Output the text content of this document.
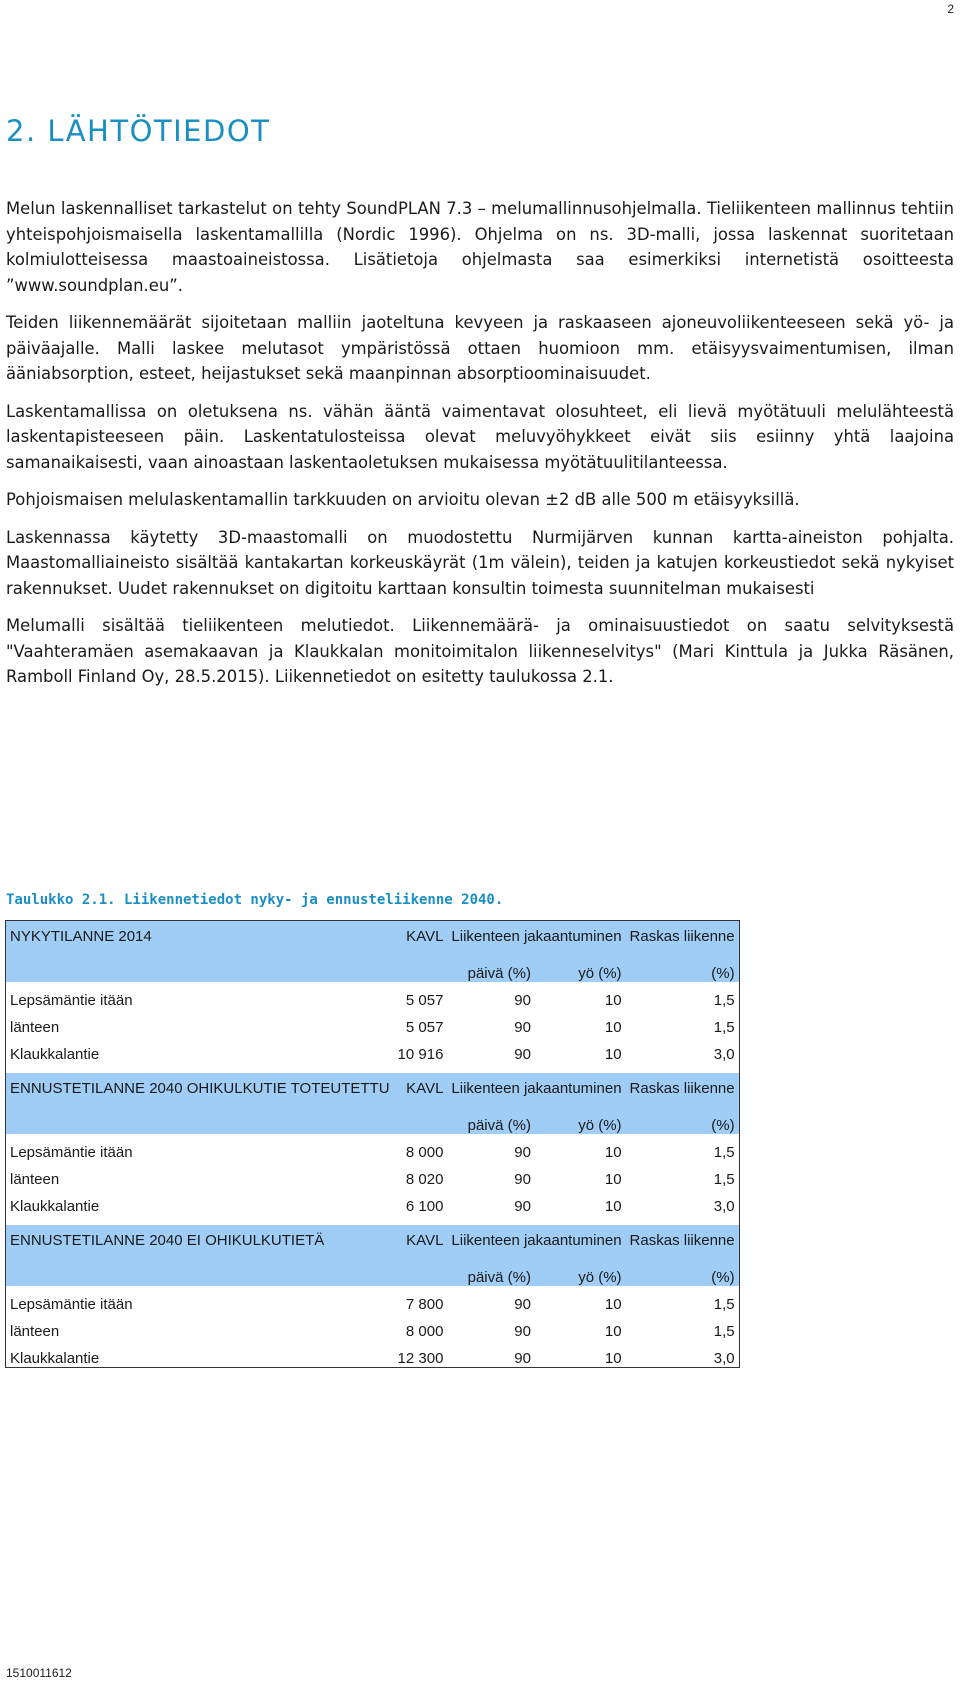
2
2. LÄHTÖTIEDOT

Melun laskennalliset tarkastelut on tehty SoundPLAN 7.3 – melumallinnusohjelmalla. Tieliikenteen mallinnus tehtiin yhteispohjoismaisella laskentamallilla (Nordic 1996). Ohjelma on ns. 3D-malli, jossa laskennat suoritetaan kolmiulotteisessa maastoaineistossa. Lisätietoja ohjelmasta saa esimerkiksi internetistä osoitteesta ”www.soundplan.eu”.

Teiden liikennemäärät sijoitetaan malliin jaoteltuna kevyeen ja raskaaseen ajoneuvoliikenteeseen sekä yö- ja päiväajalle. Malli laskee melutasot ympäristössä ottaen huomioon mm. etäisyysvaimentumisen, ilman ääniabsorption, esteet, heijastukset sekä maanpinnan absorptioominaisuudet.

Laskentamallissa on oletuksena ns. vähän ääntä vaimentavat olosuhteet, eli lievä myötätuuli melulähteestä laskentapisteeseen päin. Laskentatulosteissa olevat meluvyöhykkeet eivät siis esiinny yhtä laajoina samanaikaisesti, vaan ainoastaan laskentaoletuksen mukaisessa myötätuulitilanteessa.

Pohjoismaisen melulaskentamallin tarkkuuden on arvioitu olevan ±2 dB alle 500 m etäisyyksillä.

Laskennassa käytetty 3D-maastomalli on muodostettu Nurmijärven kunnan kartta-aineiston pohjalta. Maastomalliaineisto sisältää kantakartan korkeuskäyrät (1m välein), teiden ja katujen korkeustiedot sekä nykyiset rakennukset. Uudet rakennukset on digitoitu karttaan konsultin toimesta suunnitelman mukaisesti

Melumalli sisältää tieliikenteen melutiedot. Liikennemäärä- ja ominaisuustiedot on saatu selvityksestä "Vaahteramäen asemakaavan ja Klaukkalan monitoimitalon liikenneselvitys" (Mari Kinttula ja Jukka Räsänen, Ramboll Finland Oy, 28.5.2015). Liikennetiedot on esitetty taulukossa 2.1.

Taulukko 2.1. Liikennetiedot nyky- ja ennusteliikenne 2040.
NYKYTILANNE 2014	KAVL	Liikenteen jakaantuminen		Raskas liikenne
		päivä (%)	yö (%)	(%)
Lepsämäntie itään	5 057	90	10	1,5
länteen	5 057	90	10	1,5
Klaukkalantie	10 916	90	10	3,0

ENNUSTETILANNE 2040 OHIKULKUTIE TOTEUTETTU	KAVL	Liikenteen jakaantuminen		Raskas liikenne
		päivä (%)	yö (%)	(%)
Lepsämäntie itään	8 000	90	10	1,5
länteen	8 020	90	10	1,5
Klaukkalantie	6 100	90	10	3,0

ENNUSTETILANNE 2040 EI OHIKULKUTIETÄ	KAVL	Liikenteen jakaantuminen		Raskas liikenne
		päivä (%)	yö (%)	(%)
Lepsämäntie itään	7 800	90	10	1,5
länteen	8 000	90	10	1,5
Klaukkalantie	12 300	90	10	3,0
1510011612
